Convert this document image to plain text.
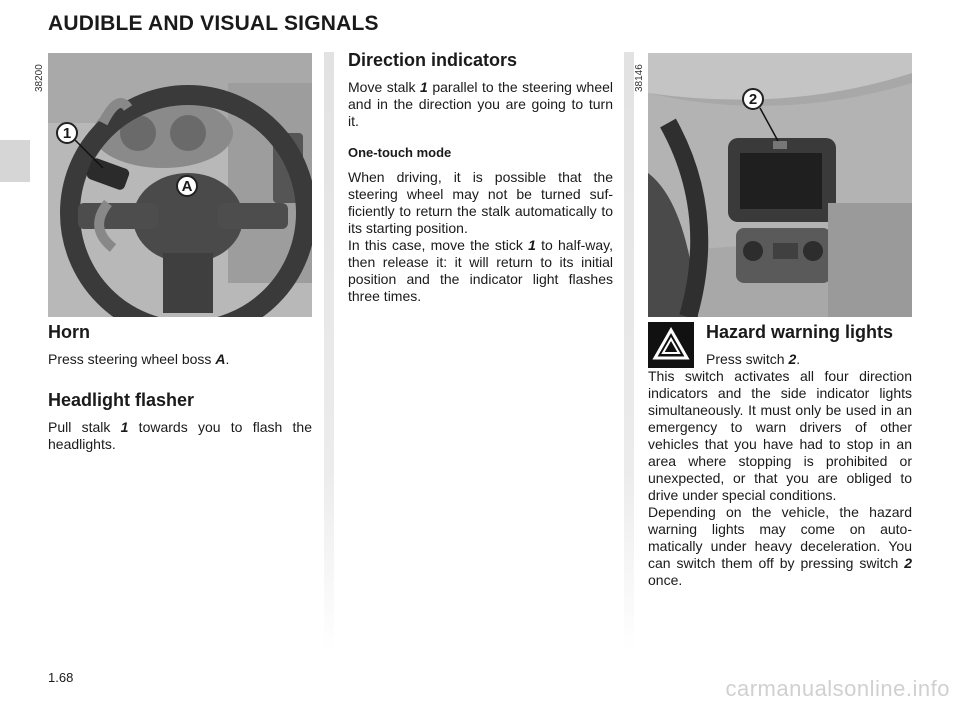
AUDIBLE AND VISUAL SIGNALS
1
A
38200
Horn

Press steering wheel boss A.

Headlight flasher

Pull stalk 1 towards you to flash the headlights.

Direction indicators

Move stalk 1 parallel to the steering wheel and in the direction you are going to turn it.

One-touch mode

When driving, it is possible that the steering wheel may not be turned suf- ficiently to return the stalk automatically to its starting position.

In this case, move the stick 1 to half-way, then release it: it will return to its initial position and the indicator light flashes three times.

2
38146
Hazard warning lights

Press switch 2.

This switch activates all four direction indicators and the side indicator lights simultaneously. It must only be used in an emergency to warn drivers of other vehicles that you have had to stop in an area where stopping is prohibited or unexpected, or that you are obliged to drive under special conditions.

Depending on the vehicle, the hazard warning lights may come on auto- matically under heavy deceleration. You can switch them off by pressing switch 2 once.

1.68	carmanualsonline.info
